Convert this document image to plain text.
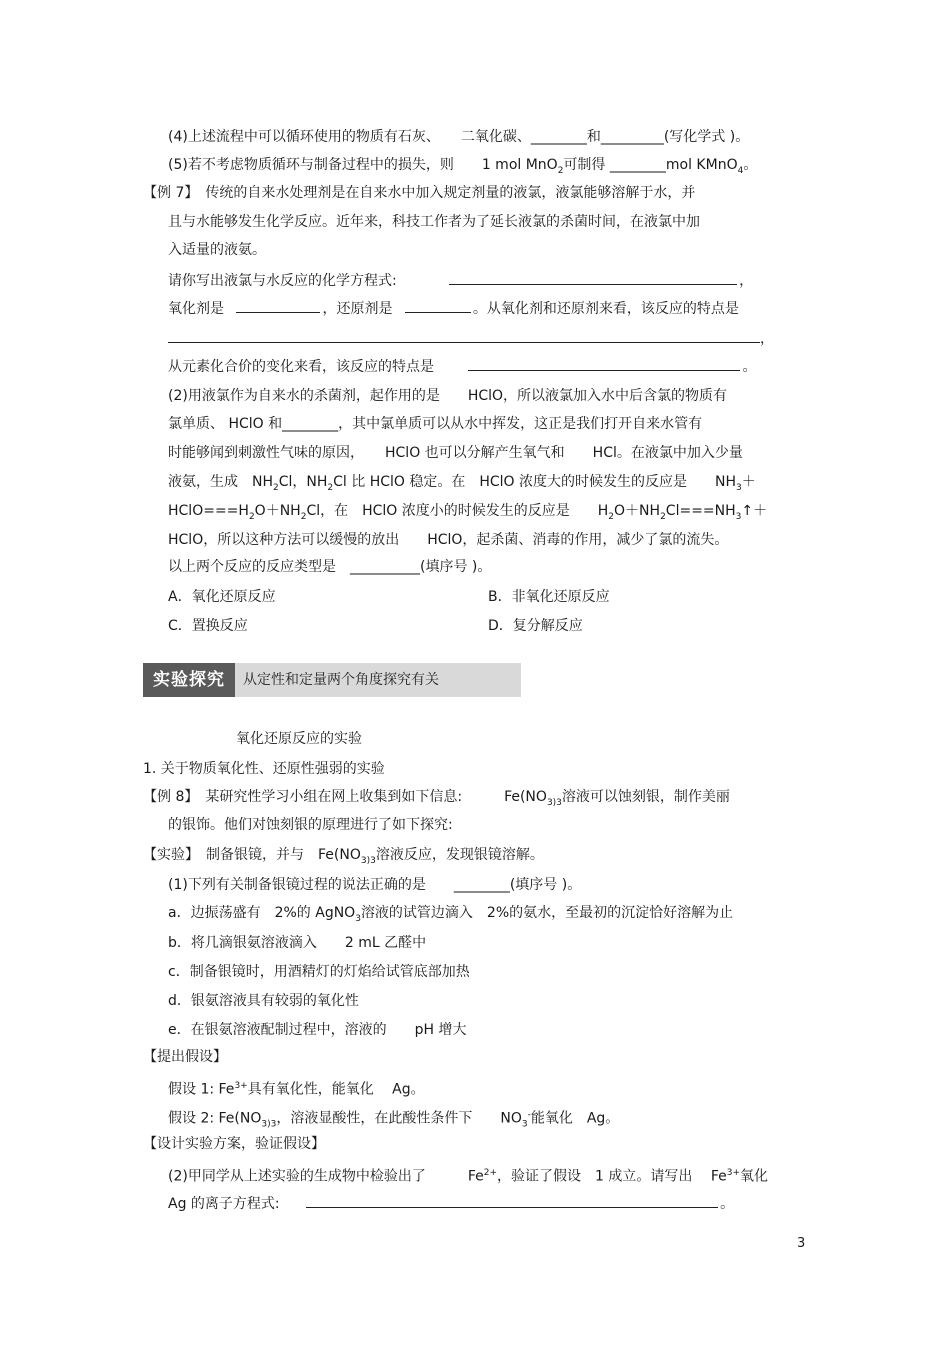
(4)上述流程中可以循环使用的物质有石灰、　　二氧化碳、________和_________(写化学式 )。
(5)若不考虑物质循环与制备过程中的损失，则　　1 mol MnO$_2$可制得 ________mol KMnO$_4$。
【例 7】　传统的自来水处理剂是在自来水中加入规定剂量的液氯，液氯能够溶解于水，并
且与水能够发生化学反应。近年来，科技工作者为了延长液氯的杀菌时间，在液氯中加
入适量的液氨。
请你写出液氯与水反应的化学方程式:	，
氧化剂是	，还原剂是	。从氧化剂和还原剂来看，该反应的特点是
，
从元素化合价的变化来看，该反应的特点是	。
(2)用液氯作为自来水的杀菌剂，起作用的是　　HClO，所以液氯加入水中后含氯的物质有
氯单质、 HClO 和________，其中氯单质可以从水中挥发，这正是我们打开自来水管有
时能够闻到刺激性气味的原因，　　HClO 也可以分解产生氧气和　　HCl。在液氯中加入少量
液氨，生成　$NH_2Cl$，$NH_2Cl$ 比 HClO 稳定。在　HClO 浓度大的时候发生的反应是　　$NH_3+$
$HClO===H_2O+NH_2Cl$，在　HClO 浓度小的时候发生的反应是　　$H_2O+NH_2Cl===NH_3↑+$
HClO，所以这种方法可以缓慢的放出　　HClO，起杀菌、消毒的作用，减少了氯的流失。
以上两个反应的反应类型是　__________(填序号 )。
A．氧化还原反应	B．非氧化还原反应
C．置换反应	D．复分解反应
实验探究	从定性和定量两个角度探究有关
氧化还原反应的实验
1. 关于物质氧化性、还原性强弱的实验
【例 8】　某研究性学习小组在网上收集到如下信息:　　　$Fe(NO_{3)3}$溶液可以蚀刻银，制作美丽
的银饰。他们对蚀刻银的原理进行了如下探究:
【实验】　制备银镜，并与　$Fe(NO_{3)3}$溶液反应，发现银镜溶解。
(1)下列有关制备银镜过程的说法正确的是　　________(填序号 )。
a．边振荡盛有　2%的 AgNO$_3$溶液的试管边滴入　2%的氨水，至最初的沉淀恰好溶解为止
b．将几滴银氨溶液滴入　　2 mL 乙醛中
c．制备银镜时，用酒精灯的灯焰给试管底部加热
d．银氨溶液具有较弱的氧化性
e．在银氨溶液配制过程中，溶液的　　pH 增大
【提出假设】
假设 1: $Fe^{3+}$具有氧化性，能氧化　 Ag。
假设 2: $Fe(NO_{3)3}$，溶液显酸性，在此酸性条件下　　$NO_3^-$能氧化　Ag。
【设计实验方案，验证假设】
(2)甲同学从上述实验的生成物中检验出了　　　$Fe^{2+}$，验证了假设　1 成立。请写出　 $Fe^{3+}$氧化
Ag 的离子方程式:	。
3
